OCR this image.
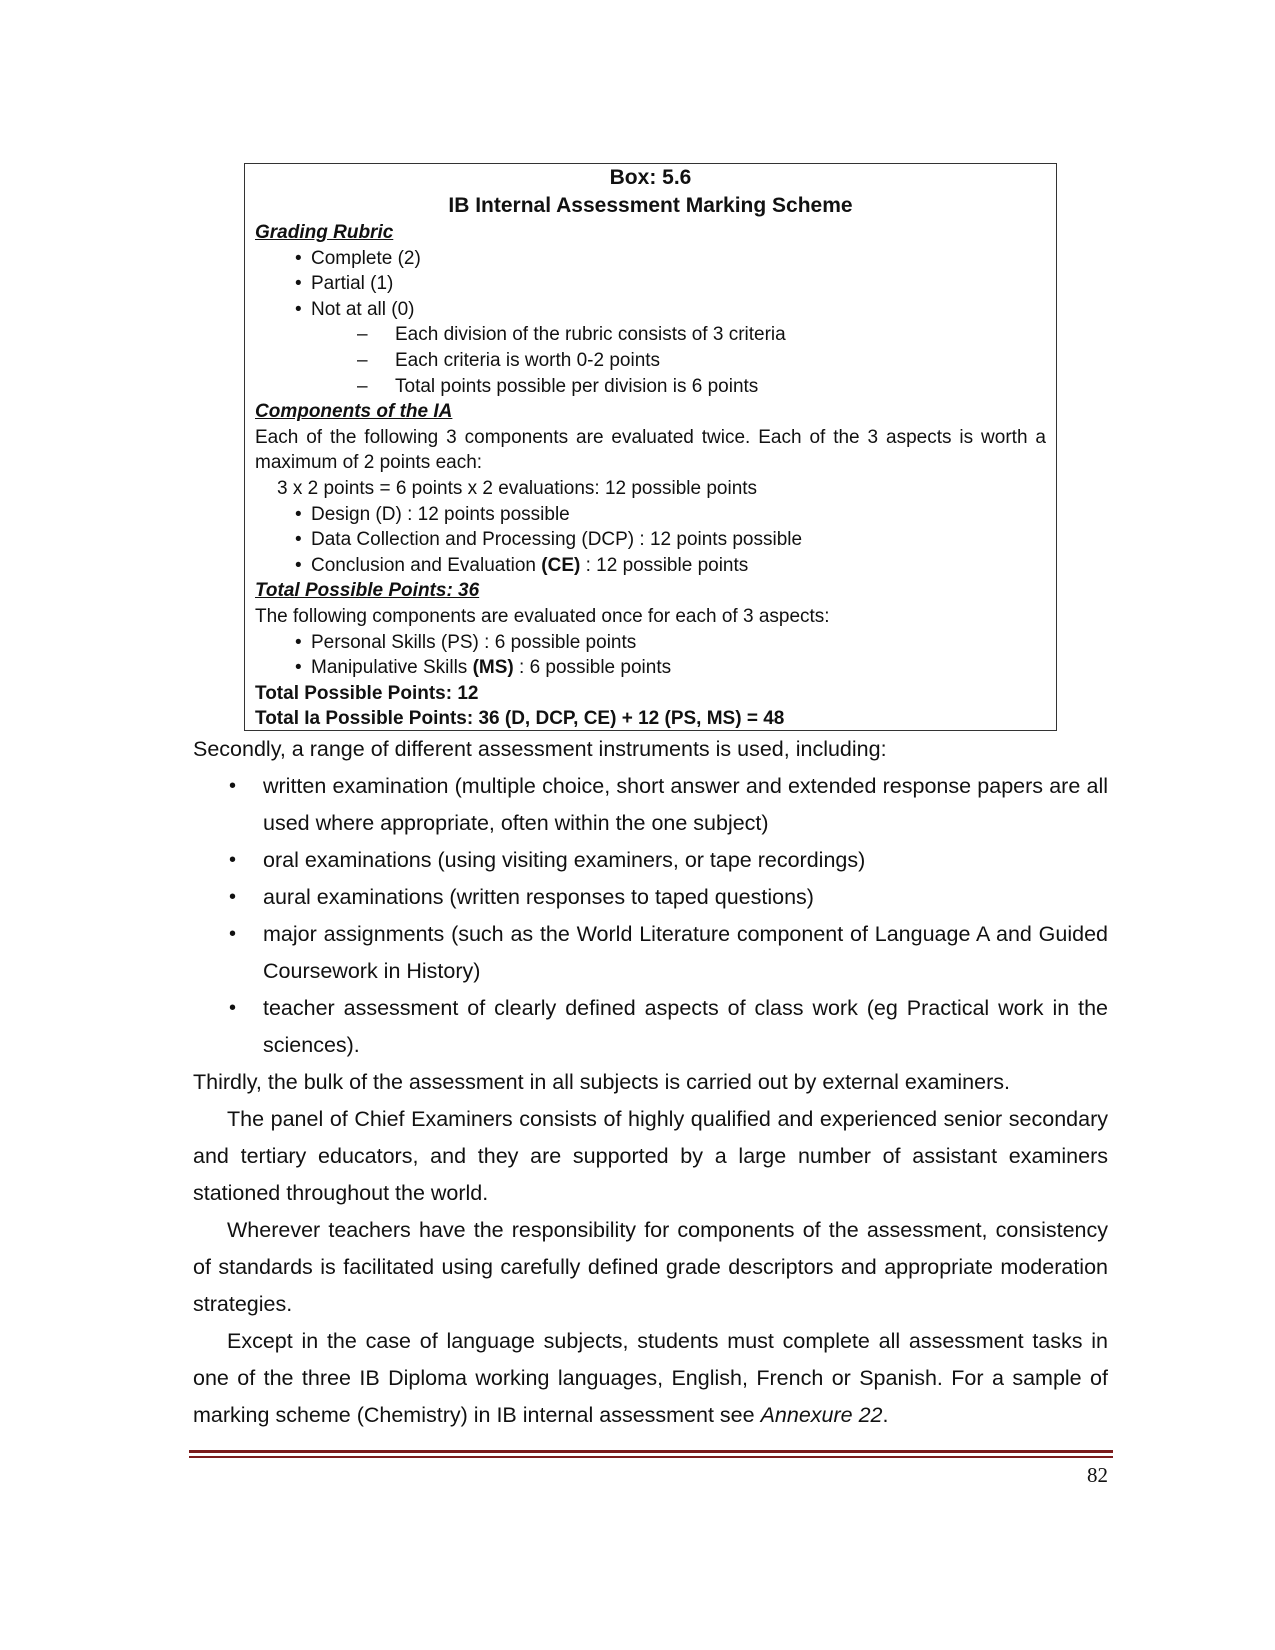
Box: 5.6
IB Internal Assessment Marking Scheme
Grading Rubric
• Complete (2)
• Partial (1)
• Not at all (0)
– Each division of the rubric consists of 3 criteria
– Each criteria is worth 0-2 points
– Total points possible per division is 6 points
Components of the IA
Each of the following 3 components are evaluated twice. Each of the 3 aspects is worth a maximum of 2 points each:
3 x 2 points = 6 points x 2 evaluations: 12 possible points
• Design (D) : 12 points possible
• Data Collection and Processing (DCP) : 12 points possible
• Conclusion and Evaluation (CE) : 12 possible points
Total Possible Points: 36
The following components are evaluated once for each of 3 aspects:
• Personal Skills (PS) : 6 possible points
• Manipulative Skills (MS) : 6 possible points
Total Possible Points: 12
Total Ia Possible Points: 36 (D, DCP, CE) + 12 (PS, MS) = 48

Secondly, a range of different assessment instruments is used, including:

• written examination (multiple choice, short answer and extended response papers are all used where appropriate, often within the one subject)
• oral examinations (using visiting examiners, or tape recordings)
• aural examinations (written responses to taped questions)
• major assignments (such as the World Literature component of Language A and Guided Coursework in History)
• teacher assessment of clearly defined aspects of class work (eg Practical work in the sciences).

Thirdly, the bulk of the assessment in all subjects is carried out by external examiners.

The panel of Chief Examiners consists of highly qualified and experienced senior secondary and tertiary educators, and they are supported by a large number of assistant examiners stationed throughout the world.

Wherever teachers have the responsibility for components of the assessment, consistency of standards is facilitated using carefully defined grade descriptors and appropriate moderation strategies.

Except in the case of language subjects, students must complete all assessment tasks in one of the three IB Diploma working languages, English, French or Spanish. For a sample of marking scheme (Chemistry) in IB internal assessment see Annexure 22.

82
